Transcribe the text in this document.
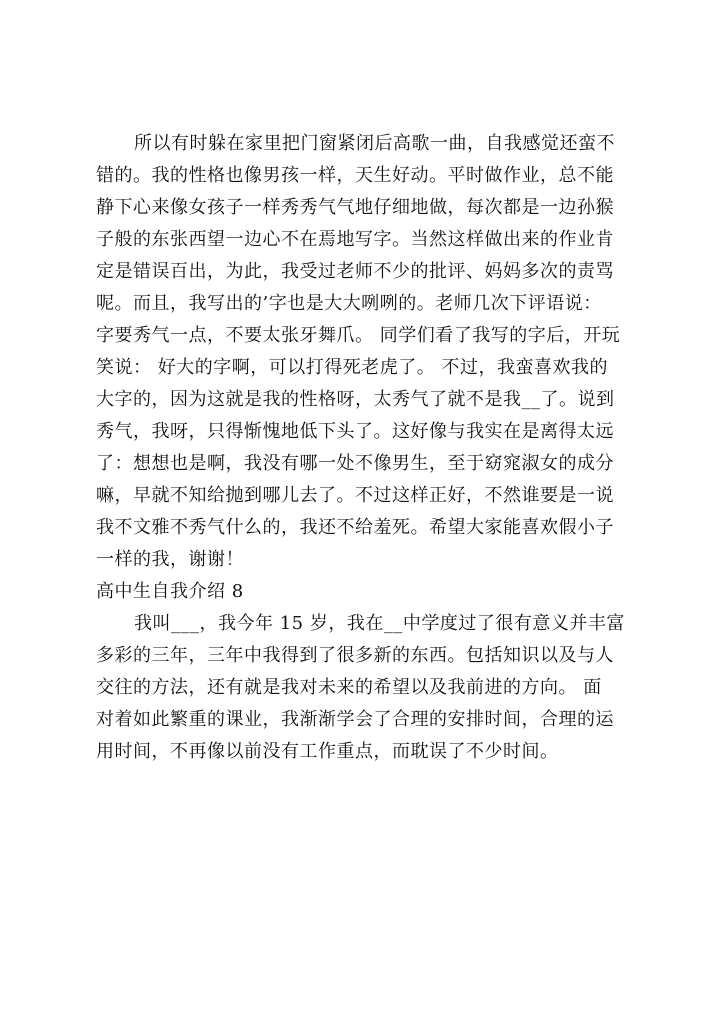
所以有时躲在家里把门窗紧闭后高歌一曲，自我感觉还蛮不
错的。我的性格也像男孩一样，天生好动。平时做作业，总不能
静下心来像女孩子一样秀秀气气地仔细地做，每次都是一边孙猴
子般的东张西望一边心不在焉地写字。当然这样做出来的作业肯
定是错误百出，为此，我受过老师不少的批评、妈妈多次的责骂
呢。而且，我写出的’字也是大大咧咧的。老师几次下评语说：
字要秀气一点，不要太张牙舞爪。 同学们看了我写的字后，开玩
笑说： 好大的字啊，可以打得死老虎了。 不过，我蛮喜欢我的
大字的，因为这就是我的性格呀，太秀气了就不是我__了。说到
秀气，我呀，只得惭愧地低下头了。这好像与我实在是离得太远
了：想想也是啊，我没有哪一处不像男生，至于窈窕淑女的成分
嘛，早就不知给抛到哪儿去了。不过这样正好，不然谁要是一说
我不文雅不秀气什么的，我还不给羞死。希望大家能喜欢假小子
一样的我，谢谢！
高中生自我介绍 8
我叫___，我今年 15 岁，我在__中学度过了很有意义并丰富
多彩的三年，三年中我得到了很多新的东西。包括知识以及与人
交往的方法，还有就是我对未来的希望以及我前进的方向。 面
对着如此繁重的课业，我渐渐学会了合理的安排时间，合理的运
用时间，不再像以前没有工作重点，而耽误了不少时间。
